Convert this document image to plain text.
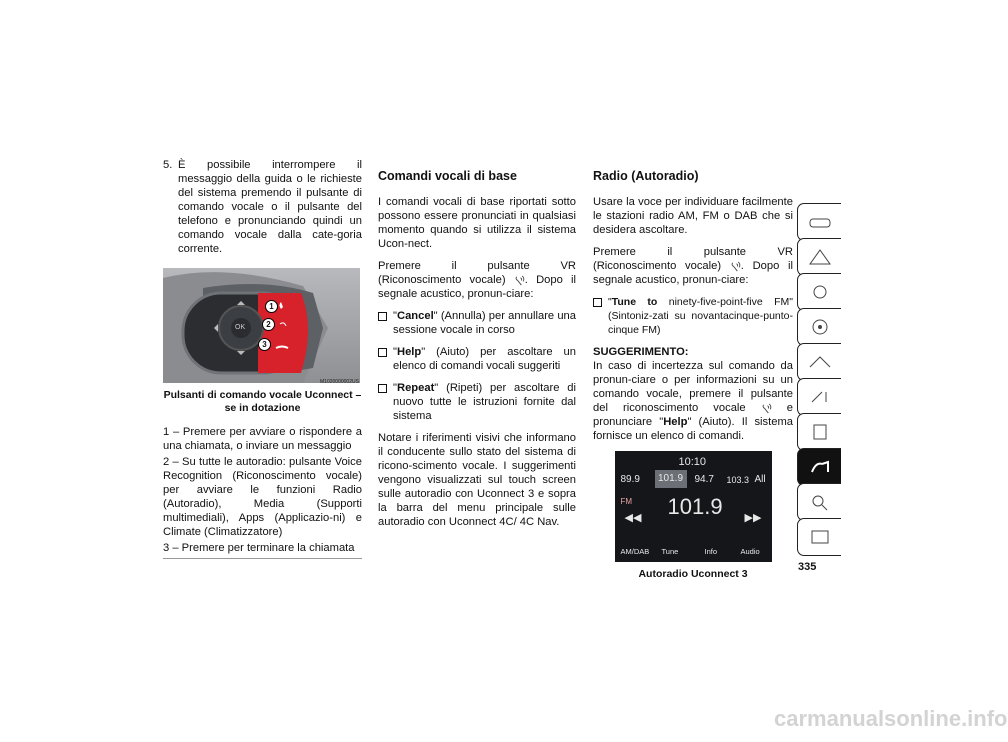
5. È possibile interrompere il messaggio della guida o le richieste del sistema premendo il pulsante di comando vocale o il pulsante del telefono e pronunciando quindi un comando vocale dalla cate-goria corrente.
OK
1
2
3
M1020000002US
Pulsanti di comando vocale Uconnect – se in dotazione

1 – Premere per avviare o rispondere a una chiamata, o inviare un messaggio

2 – Su tutte le autoradio: pulsante Voice Recognition (Riconoscimento vocale) per avviare le funzioni Radio (Autoradio), Media (Supporti multimediali), Apps (Applicazio-ni) e Climate (Climatizzatore)

3 – Premere per terminare la chiamata

Comandi vocali di base

I comandi vocali di base riportati sotto possono essere pronunciati in qualsiasi momento quando si utilizza il sistema Ucon-nect.

Premere il pulsante VR (Riconoscimento vocale) . Dopo il segnale acustico, pronun-ciare:

"Cancel" (Annulla) per annullare una sessione vocale in corso
"Help" (Aiuto) per ascoltare un elenco di comandi vocali suggeriti
"Repeat" (Ripeti) per ascoltare di nuovo tutte le istruzioni fornite dal sistema

Notare i riferimenti visivi che informano il conducente sullo stato del sistema di ricono-scimento vocale. I suggerimenti vengono visualizzati sul touch screen sulle autoradio con Uconnect 3 e sopra la barra del menu principale sulle autoradio con Uconnect 4C/ 4C Nav.

Radio (Autoradio)

Usare la voce per individuare facilmente le stazioni radio AM, FM o DAB che si desidera ascoltare.

Premere il pulsante VR (Riconoscimento vocale) . Dopo il segnale acustico, pronun-ciare:

"Tune to ninety-five-point-five FM" (Sintoniz-zati su novantacinque-punto-cinque FM)

SUGGERIMENTO:
In caso di incertezza sul comando da pronun-ciare o per informazioni su un comando vocale, premere il pulsante del riconoscimento vocale	e pronunciare "Help" (Aiuto). Il sistema fornisce un elenco di comandi.

10:10
89.9	101.9	94.7 103.3 All
FM
◀◀ 101.9 ▶▶
AM/DAB Tune	Info	Audio
Autoradio Uconnect 3
335
carmanualsonline.info
